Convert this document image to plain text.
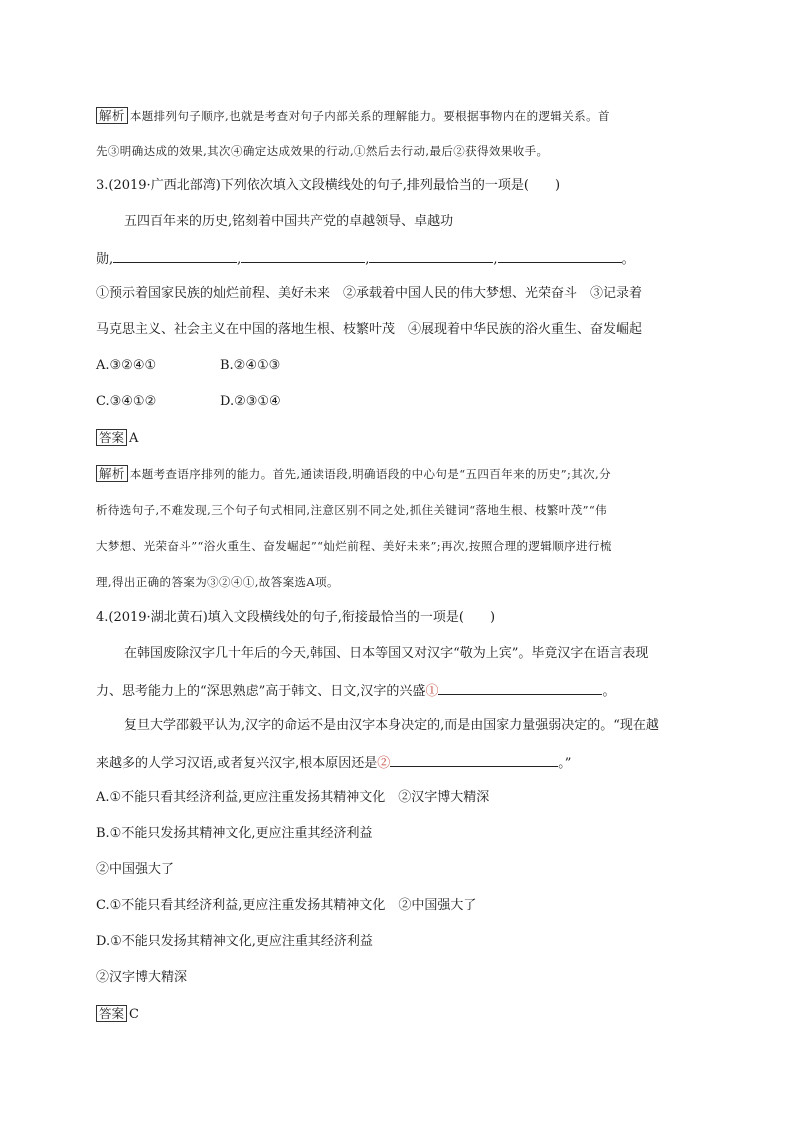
解析 本题排列句子顺序,也就是考查对句子内部关系的理解能力。要根据事物内在的逻辑关系。首
先③明确达成的效果,其次④确定达成效果的行动,①然后去行动,最后②获得效果收手。
3.(2019·广西北部湾)下列依次填入文段横线处的句子,排列最恰当的一项是(　　)
五四百年来的历史,铭刻着中国共产党的卓越领导、卓越功
勋,	,	,	,	。
①预示着国家民族的灿烂前程、美好未来　②承载着中国人民的伟大梦想、光荣奋斗　③记录着
马克思主义、社会主义在中国的落地生根、枝繁叶茂　④展现着中华民族的浴火重生、奋发崛起
A.③②④①	B.②④①③
C.③④①②	D.②③①④
答案 A
解析 本题考查语序排列的能力。首先,通读语段,明确语段的中心句是“五四百年来的历史”;其次,分
析待选句子,不难发现,三个句子句式相同,注意区别不同之处,抓住关键词“落地生根、枝繁叶茂”“伟
大梦想、光荣奋斗”“浴火重生、奋发崛起”“灿烂前程、美好未来”;再次,按照合理的逻辑顺序进行梳
理,得出正确的答案为③②④①,故答案选A项。
4.(2019·湖北黄石)填入文段横线处的句子,衔接最恰当的一项是(　　)
在韩国废除汉字几十年后的今天,韩国、日本等国又对汉字“敬为上宾”。毕竟汉字在语言表现
力、思考能力上的“深思熟虑”高于韩文、日文,汉字的兴盛①	。
复旦大学邵毅平认为,汉字的命运不是由汉字本身决定的,而是由国家力量强弱决定的。“现在越
来越多的人学习汉语,或者复兴汉字,根本原因还是②	。”
A.①不能只看其经济利益,更应注重发扬其精神文化　②汉字博大精深
B.①不能只发扬其精神文化,更应注重其经济利益
②中国强大了
C.①不能只看其经济利益,更应注重发扬其精神文化　②中国强大了
D.①不能只发扬其精神文化,更应注重其经济利益
②汉字博大精深
答案 C
